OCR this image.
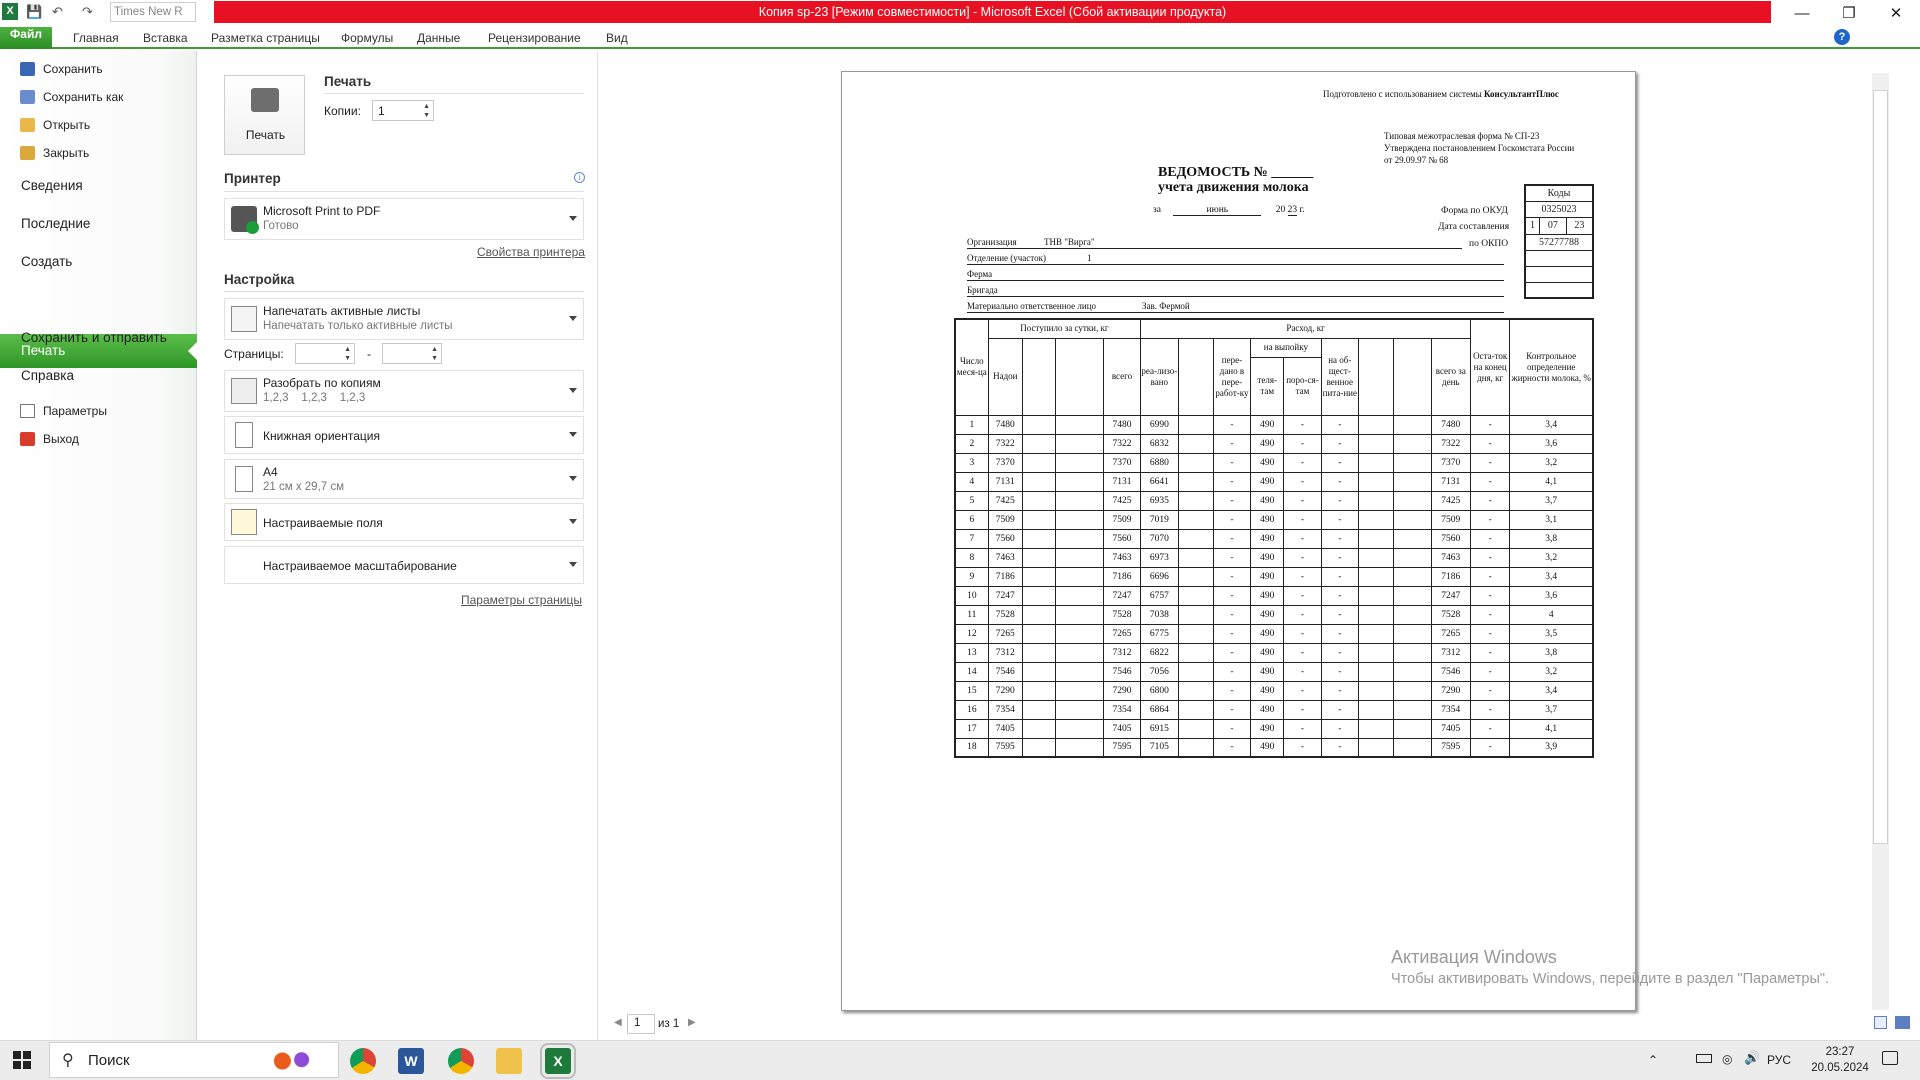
X 💾 ↶ ↷	Times New R	Копия sp-23 [Режим совместимости] - Microsoft Excel (Сбой активации продукта)	—	❐	✕
Файл	Главная Вставка Разметка страницы Формулы Данные Рецензирование Вид	?
Сохранить
Сохранить как
Открыть
Закрыть
Сведения
Последние
Создать
Печать
Сохранить и отправить
Справка
Параметры
Выход
Печать
Печать
Копии: 1	▲
▼
Принтер	i
Microsoft Print to PDF
Готово
Свойства принтера
Настройка
Напечатать активные листы
Напечатать только активные листы
Страницы:	▲
▼ -	▲
▼
Разобрать по копиям
1,2,3    1,2,3    1,2,3
Книжная ориентация
A4
21 см x 29,7 см
Настраиваемые поля
Настраиваемое масштабирование
Параметры страницы
Подготовлено с использованием системы КонсультантПлюс
Типовая межотраслевая форма № СП-23
Утверждена постановлением Госкомстата России
от 29.09.97 № 68
ВЕДОМОСТЬ № ______
учета движения молока
за	июнь	20 23 г.	Форма по ОКУД
Дата составления
по ОКПО
Коды
0325023

1	07	23

57277788

Организация	ТНВ "Вирга"
Отделение (участок)	1
Ферма
Бригада
Материально ответственное лицо	Зав. Фермой
Число меся-ца	Поступило за сутки, кг				Расход, кг									Оста-ток на конец дня, кг	Контрольное определение жирности молока, %
	Надои			всего	реа-лизо-вано		пере-дано в пере-работ-ку	на выпойку		на об-щест-венное пита-ние			всего за день		
								теля-там	поро-ся-там						
1	7480			7480	6990		-	490	-	-			7480	-	3,4
2	7322			7322	6832		-	490	-	-			7322	-	3,6
3	7370			7370	6880		-	490	-	-			7370	-	3,2
4	7131			7131	6641		-	490	-	-			7131	-	4,1
5	7425			7425	6935		-	490	-	-			7425	-	3,7
6	7509			7509	7019		-	490	-	-			7509	-	3,1
7	7560			7560	7070		-	490	-	-			7560	-	3,8
8	7463			7463	6973		-	490	-	-			7463	-	3,2
9	7186			7186	6696		-	490	-	-			7186	-	3,4
10	7247			7247	6757		-	490	-	-			7247	-	3,6
11	7528			7528	7038		-	490	-	-			7528	-	4
12	7265			7265	6775		-	490	-	-			7265	-	3,5
13	7312			7312	6822		-	490	-	-			7312	-	3,8
14	7546			7546	7056		-	490	-	-			7546	-	3,2
15	7290			7290	6800		-	490	-	-			7290	-	3,4
16	7354			7354	6864		-	490	-	-			7354	-	3,7
17	7405			7405	6915		-	490	-	-			7405	-	4,1
18	7595			7595	7105		-	490	-	-			7595	-	3,9
◀	1	из 1 ▶
Активация Windows
Чтобы активировать Windows, перейдите в раздел "Параметры".
⚲ Поиск	W	X	⌃	◎ 🔊 РУС
23:27
20.05.2024
